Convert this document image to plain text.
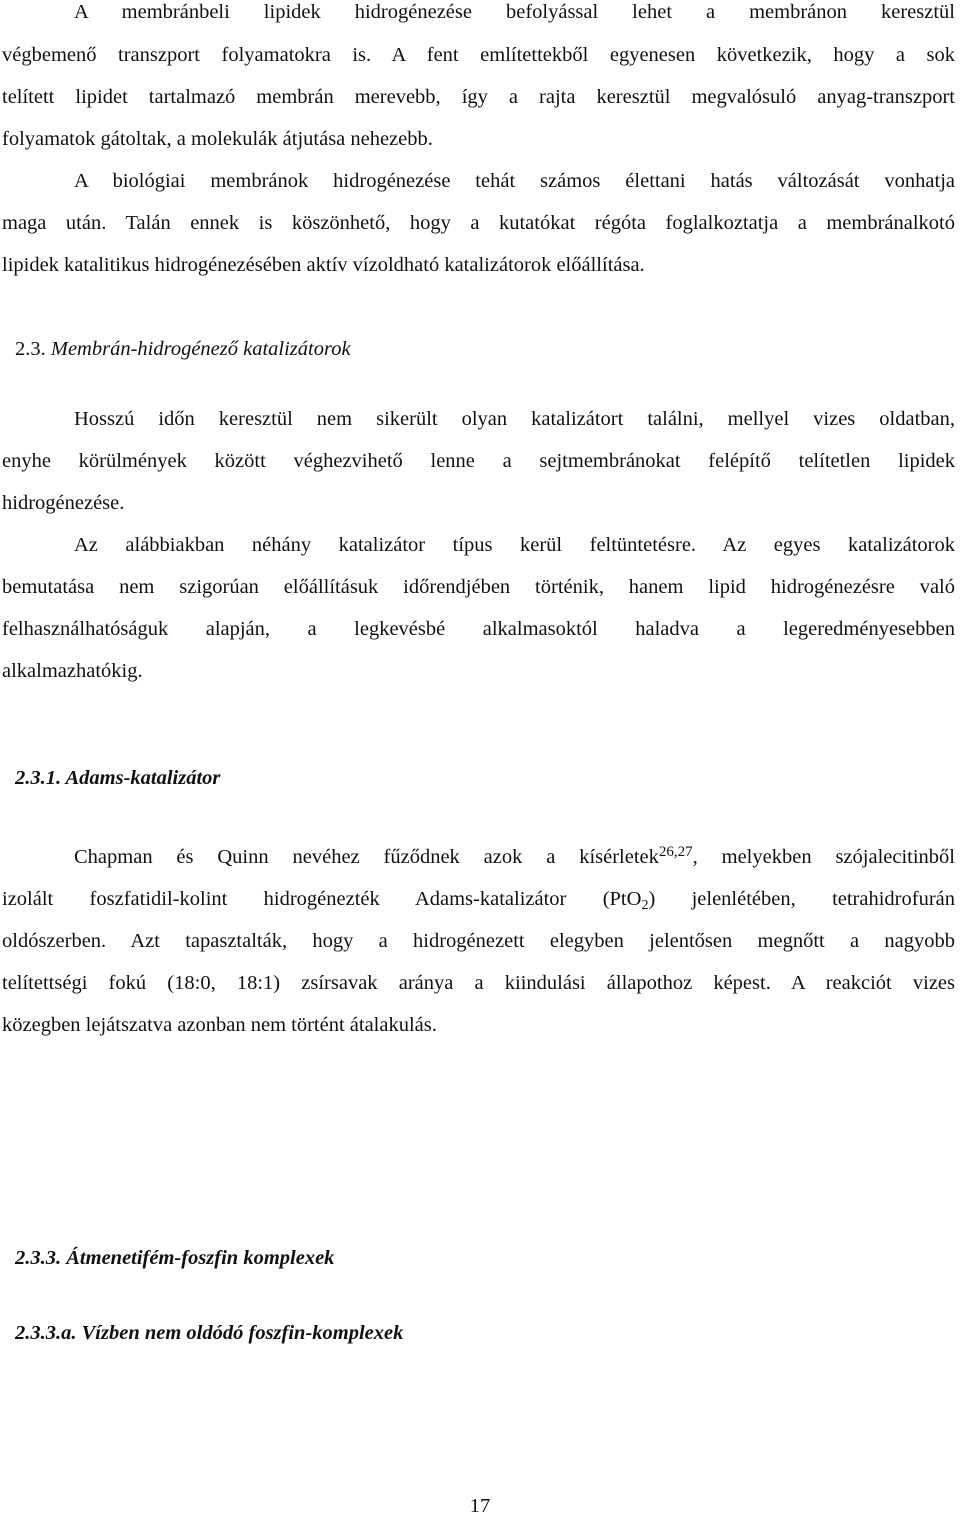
A membránbeli lipidek hidrogénezése befolyással lehet a membránon keresztül
végbemenő transzport folyamatokra is. A fent említettekből egyenesen következik, hogy a sok
telített lipidet tartalmazó membrán merevebb, így a rajta keresztül megvalósuló anyag-transzport
folyamatok gátoltak, a molekulák átjutása nehezebb.
A biológiai membránok hidrogénezése tehát számos élettani hatás változását vonhatja
maga után. Talán ennek is köszönhető, hogy a kutatókat régóta foglalkoztatja a membránalkotó
lipidek katalitikus hidrogénezésében aktív vízoldható katalizátorok előállítása.
2.3. Membrán-hidrogénező katalizátorok
Hosszú időn keresztül nem sikerült olyan katalizátort találni, mellyel vizes oldatban,
enyhe körülmények között véghezvihető lenne a sejtmembránokat felépítő telítetlen lipidek
hidrogénezése.
Az alábbiakban néhány katalizátor típus kerül feltüntetésre. Az egyes katalizátorok
bemutatása nem szigorúan előállításuk időrendjében történik, hanem lipid hidrogénezésre való
felhasználhatóságuk alapján, a legkevésbé alkalmasoktól haladva a legeredményesebben
alkalmazhatókig.
2.3.1. Adams-katalizátor
Chapman és Quinn nevéhez fűződnek azok a kísérletek$^{26,27}$, melyekben szójalecitinből
izolált foszfatidil-kolint hidrogénezték Adams-katalizátor (PtO$_2$) jelenlétében, tetrahidrofurán
oldószerben. Azt tapasztalták, hogy a hidrogénezett elegyben jelentősen megnőtt a nagyobb
telítettségi fokú (18:0, 18:1) zsírsavak aránya a kiindulási állapothoz képest. A reakciót vizes
közegben lejátszatva azonban nem történt átalakulás.
2.3.3. Átmenetifém-foszfin komplexek
2.3.3.a. Vízben nem oldódó foszfin-komplexek
17
